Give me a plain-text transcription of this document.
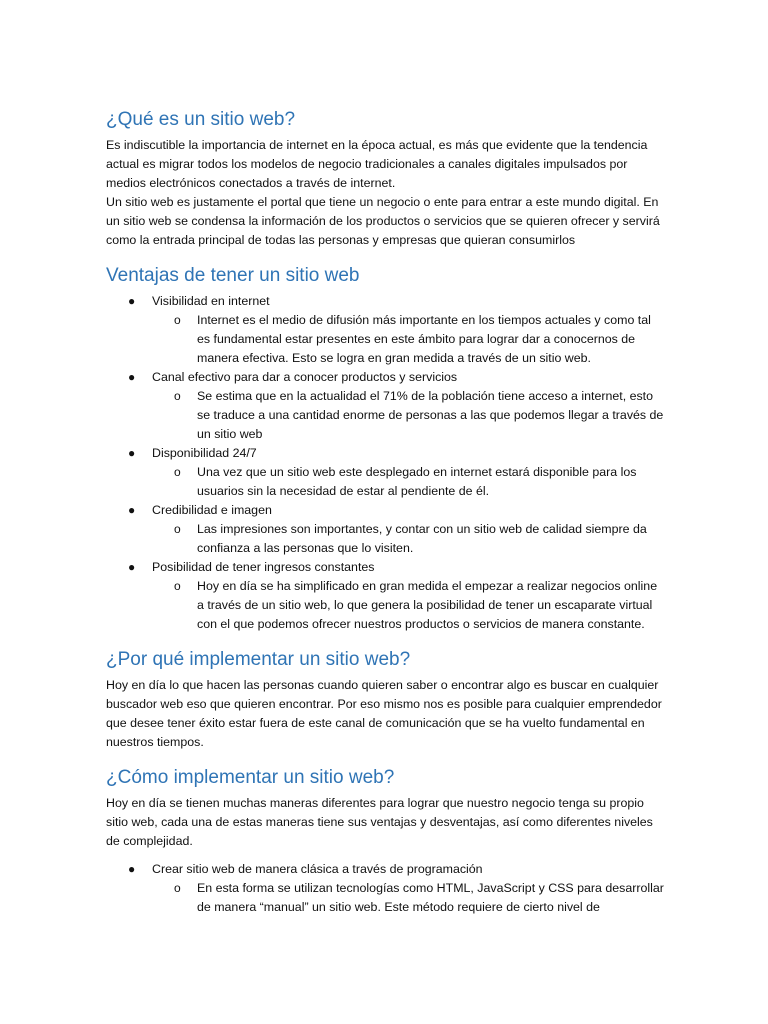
¿Qué es un sitio web?

Es indiscutible la importancia de internet en la época actual, es más que evidente que la tendencia actual es migrar todos los modelos de negocio tradicionales a canales digitales impulsados por medios electrónicos conectados a través de internet.

Un sitio web es justamente el portal que tiene un negocio o ente para entrar a este mundo digital. En un sitio web se condensa la información de los productos o servicios que se quieren ofrecer y servirá como la entrada principal de todas las personas y empresas que quieran consumirlos

Ventajas de tener un sitio web
● Visibilidad en internet
o Internet es el medio de difusión más importante en los tiempos actuales y como tal es fundamental estar presentes en este ámbito para lograr dar a conocernos de manera efectiva. Esto se logra en gran medida a través de un sitio web.
● Canal efectivo para dar a conocer productos y servicios
o Se estima que en la actualidad el 71% de la población tiene acceso a internet, esto se traduce a una cantidad enorme de personas a las que podemos llegar a través de un sitio web
● Disponibilidad 24/7
o Una vez que un sitio web este desplegado en internet estará disponible para los usuarios sin la necesidad de estar al pendiente de él.
● Credibilidad e imagen
o Las impresiones son importantes, y contar con un sitio web de calidad siempre da confianza a las personas que lo visiten.
● Posibilidad de tener ingresos constantes
o Hoy en día se ha simplificado en gran medida el empezar a realizar negocios online a través de un sitio web, lo que genera la posibilidad de tener un escaparate virtual con el que podemos ofrecer nuestros productos o servicios de manera constante.
¿Por qué implementar un sitio web?

Hoy en día lo que hacen las personas cuando quieren saber o encontrar algo es buscar en cualquier buscador web eso que quieren encontrar. Por eso mismo nos es posible para cualquier emprendedor que desee tener éxito estar fuera de este canal de comunicación que se ha vuelto fundamental en nuestros tiempos.

¿Cómo implementar un sitio web?

Hoy en día se tienen muchas maneras diferentes para lograr que nuestro negocio tenga su propio sitio web, cada una de estas maneras tiene sus ventajas y desventajas, así como diferentes niveles de complejidad.

● Crear sitio web de manera clásica a través de programación
o En esta forma se utilizan tecnologías como HTML, JavaScript y CSS para desarrollar de manera “manual” un sitio web. Este método requiere de cierto nivel de
